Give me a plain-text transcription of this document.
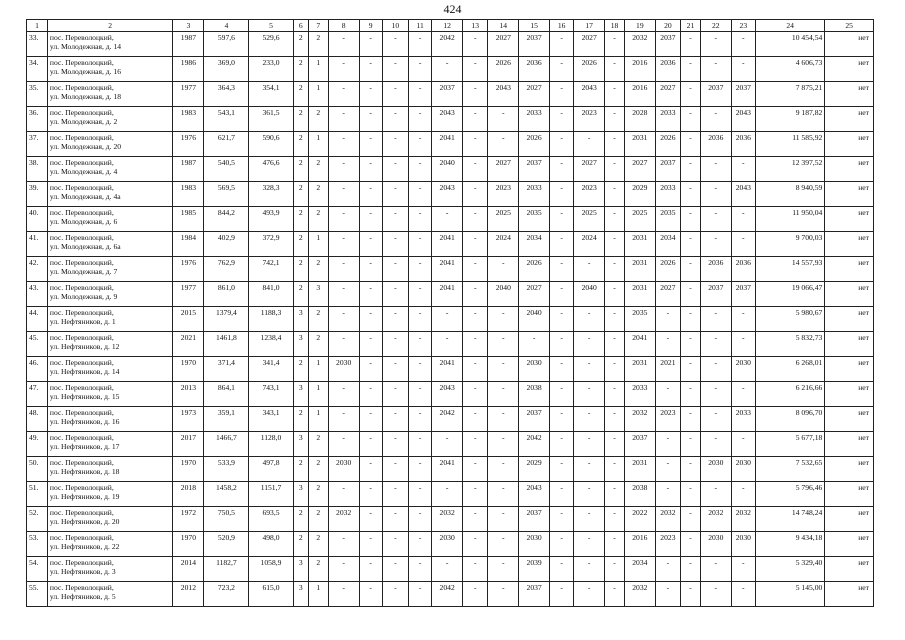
424
1	2	3	4	5	6	7	8	9	10	11	12	13	14	15	16	17	18	19	20	21	22	23	24	25
33.	пос. Переволоцкий,
ул. Молодежная, д. 14	1987	597,6	529,6	2	2	-	-	-	-	2042	-	2027	2037	-	2027	-	2032	2037	-	-	-	10 454,54	нет
34.	пос. Переволоцкий,
ул. Молодежная, д. 16	1986	369,0	233,0	2	1	-	-	-	-	-	-	2026	2036	-	2026	-	2016	2036	-	-	-	4 606,73	нет
35.	пос. Переволоцкий,
ул. Молодежная, д. 18	1977	364,3	354,1	2	1	-	-	-	-	2037	-	2043	2027	-	2043	-	2016	2027	-	2037	2037	7 875,21	нет
36.	пос. Переволоцкий,
ул. Молодежная, д. 2	1983	543,1	361,5	2	2	-	-	-	-	2043	-	-	2033	-	2023	-	2028	2033	-	-	2043	9 187,82	нет
37.	пос. Переволоцкий,
ул. Молодежная, д. 20	1976	621,7	590,6	2	1	-	-	-	-	2041	-	-	2026	-	-	-	2031	2026	-	2036	2036	11 585,92	нет
38.	пос. Переволоцкий,
ул. Молодежная, д. 4	1987	540,5	476,6	2	2	-	-	-	-	2040	-	2027	2037	-	2027	-	2027	2037	-	-	-	12 397,52	нет
39.	пос. Переволоцкий,
ул. Молодежная, д. 4а	1983	569,5	328,3	2	2	-	-	-	-	2043	-	2023	2033	-	2023	-	2029	2033	-	-	2043	8 940,59	нет
40.	пос. Переволоцкий,
ул. Молодежная, д. 6	1985	844,2	493,9	2	2	-	-	-	-	-	-	2025	2035	-	2025	-	2025	2035	-	-	-	11 950,04	нет
41.	пос. Переволоцкий,
ул. Молодежная, д. 6а	1984	402,9	372,9	2	1	-	-	-	-	2041	-	2024	2034	-	2024	-	2031	2034	-	-	-	9 700,03	нет
42.	пос. Переволоцкий,
ул. Молодежная, д. 7	1976	762,9	742,1	2	2	-	-	-	-	2041	-	-	2026	-	-	-	2031	2026	-	2036	2036	14 557,93	нет
43.	пос. Переволоцкий,
ул. Молодежная, д. 9	1977	861,0	841,0	2	3	-	-	-	-	2041	-	2040	2027	-	2040	-	2031	2027	-	2037	2037	19 066,47	нет
44.	пос. Переволоцкий,
ул. Нефтяников, д. 1	2015	1379,4	1188,3	3	2	-	-	-	-	-	-	-	2040	-	-	-	2035	-	-	-	-	5 980,67	нет
45.	пос. Переволоцкий,
ул. Нефтяников, д. 12	2021	1461,8	1238,4	3	2	-	-	-	-	-	-	-	-	-	-	-	2041	-	-	-	-	5 832,73	нет
46.	пос. Переволоцкий,
ул. Нефтяников, д. 14	1970	371,4	341,4	2	1	2030	-	-	-	2041	-	-	2030	-	-	-	2031	2021	-	-	2030	6 268,01	нет
47.	пос. Переволоцкий,
ул. Нефтяников, д. 15	2013	864,1	743,1	3	1	-	-	-	-	2043	-	-	2038	-	-	-	2033	-	-	-	-	6 216,66	нет
48.	пос. Переволоцкий,
ул. Нефтяников, д. 16	1973	359,1	343,1	2	1	-	-	-	-	2042	-	-	2037	-	-	-	2032	2023	-	-	2033	8 096,70	нет
49.	пос. Переволоцкий,
ул. Нефтяников, д. 17	2017	1466,7	1128,0	3	2	-	-	-	-	-	-	-	2042	-	-	-	2037	-	-	-	-	5 677,18	нет
50.	пос. Переволоцкий,
ул. Нефтяников, д. 18	1970	533,9	497,8	2	2	2030	-	-	-	2041	-	-	2029	-	-	-	2031	-	-	2030	2030	7 532,65	нет
51.	пос. Переволоцкий,
ул. Нефтяников, д. 19	2018	1458,2	1151,7	3	2	-	-	-	-	-	-	-	2043	-	-	-	2038	-	-	-	-	5 796,46	нет
52.	пос. Переволоцкий,
ул. Нефтяников, д. 20	1972	750,5	693,5	2	2	2032	-	-	-	2032	-	-	2037	-	-	-	2022	2032	-	2032	2032	14 748,24	нет
53.	пос. Переволоцкий,
ул. Нефтяников, д. 22	1970	520,9	498,0	2	2	-	-	-	-	2030	-	-	2030	-	-	-	2016	2023	-	2030	2030	9 434,18	нет
54.	пос. Переволоцкий,
ул. Нефтяников, д. 3	2014	1182,7	1058,9	3	2	-	-	-	-	-	-	-	2039	-	-	-	2034	-	-	-	-	5 329,40	нет
55.	пос. Переволоцкий,
ул. Нефтяников, д. 5	2012	723,2	615,0	3	1	-	-	-	-	2042	-	-	2037	-	-	-	2032	-	-	-	-	5 145,00	нет
